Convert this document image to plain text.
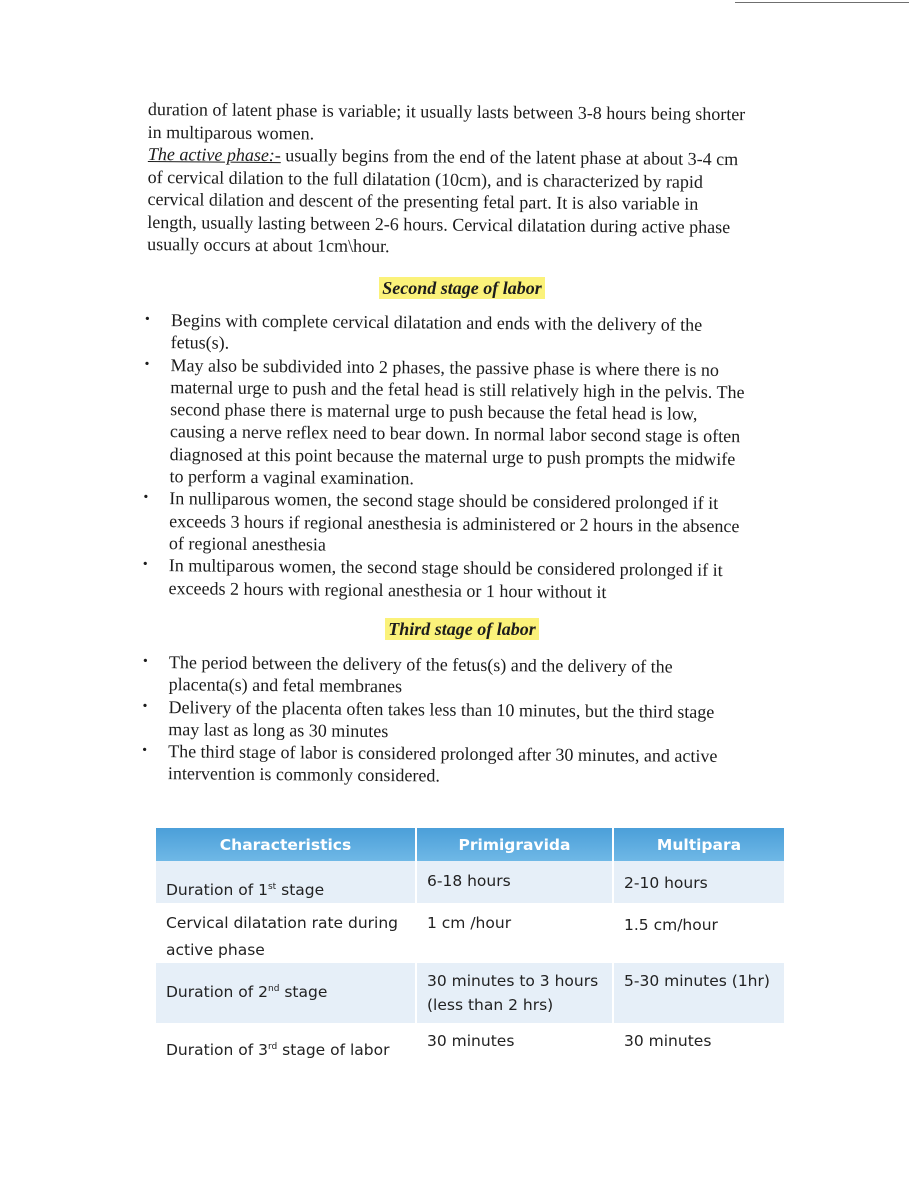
duration of latent phase is variable; it usually lasts between 3-8 hours being shorter in multiparous women.

The active phase:- usually begins from the end of the latent phase at about 3-4 cm of cervical dilation to the full dilatation (10cm), and is characterized by rapid cervical dilation and descent of the presenting fetal part. It is also variable in length, usually lasting between 2-6 hours. Cervical dilatation during active phase usually occurs at about 1cm\hour.

Second stage of labor
• Begins with complete cervical dilatation and ends with the delivery of the fetus(s).
• May also be subdivided into 2 phases, the passive phase is where there is no maternal urge to push and the fetal head is still relatively high in the pelvis. The second phase there is maternal urge to push because the fetal head is low, causing a nerve reflex need to bear down. In normal labor second stage is often diagnosed at this point because the maternal urge to push prompts the midwife to perform a vaginal examination.
• In nulliparous women, the second stage should be considered prolonged if it exceeds 3 hours if regional anesthesia is administered or 2 hours in the absence of regional anesthesia
• In multiparous women, the second stage should be considered prolonged if it exceeds 2 hours with regional anesthesia or 1 hour without it
Third stage of labor
• The period between the delivery of the fetus(s) and the delivery of the placenta(s) and fetal membranes
• Delivery of the placenta often takes less than 10 minutes, but the third stage may last as long as 30 minutes
• The third stage of labor is considered prolonged after 30 minutes, and active intervention is commonly considered.
Characteristics	Primigravida	Multipara
Duration of 1st stage	6-18 hours	2-10 hours
Cervical dilatation rate during active phase	1 cm /hour	1.5 cm/hour
Duration of 2nd stage	30 minutes to 3 hours (less than 2 hrs)	5-30 minutes (1hr)
Duration of 3rd stage of labor	30 minutes	30 minutes
